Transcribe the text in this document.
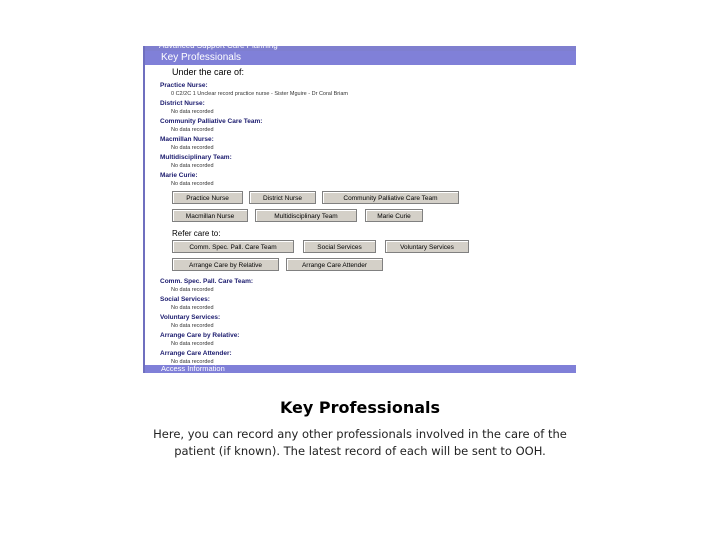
Advanced Support Care Planning
Key Professionals
Under the care of:
Practice Nurse:
0 C2/2C 1 Unclear record practice nurse - Sister Mguire - Dr Coral Briam
District Nurse:
No data recorded
Community Palliative Care Team:
No data recorded
Macmillan Nurse:
No data recorded
Multidisciplinary Team:
No data recorded
Marie Curie:
No data recorded
Practice Nurse	District Nurse	Community Palliative Care Team
Macmillan Nurse	Multidisciplinary Team	Marie Curie
Refer care to:
Comm. Spec. Pall. Care Team	Social Services	Voluntary Services
Arrange Care by Relative	Arrange Care Attender
Comm. Spec. Pall. Care Team:
No data recorded
Social Services:
No data recorded
Voluntary Services:
No data recorded
Arrange Care by Relative:
No data recorded
Arrange Care Attender:
No data recorded
Access Information
Key Professionals
Here, you can record any other professionals involved in the care of the
patient (if known). The latest record of each will be sent to OOH.
